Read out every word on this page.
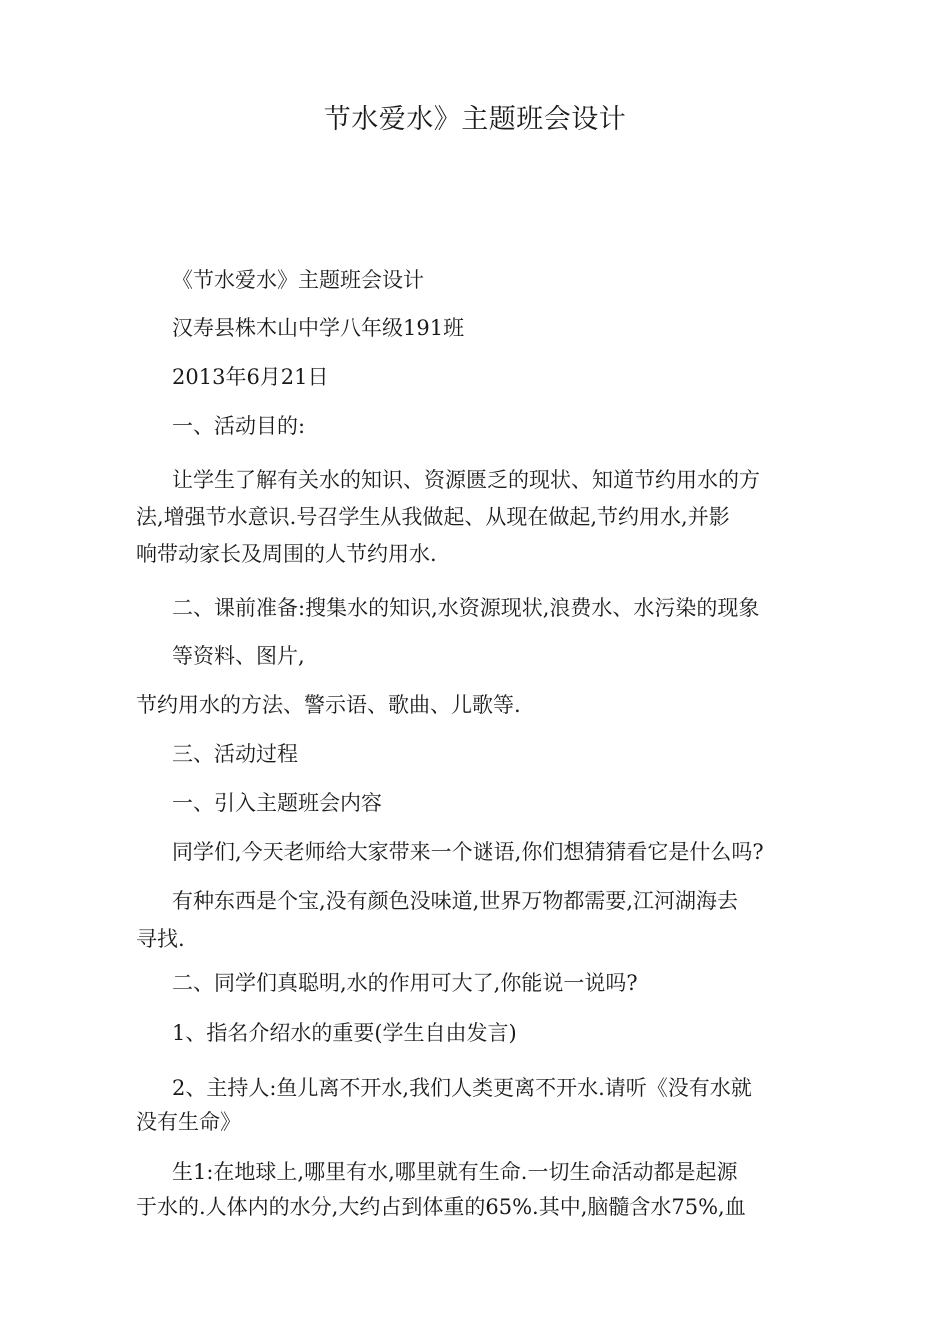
节水爱水》主题班会设计
《节水爱水》主题班会设计
汉寿县株木山中学八年级191班
2013年6月21日
一、活动目的:
让学生了解有关水的知识、资源匮乏的现状、知道节约用水的方
法,增强节水意识.号召学生从我做起、从现在做起,节约用水,并影
响带动家长及周围的人节约用水.
二、课前准备:搜集水的知识,水资源现状,浪费水、水污染的现象
等资料、图片,
节约用水的方法、警示语、歌曲、儿歌等.
三、活动过程
一、引入主题班会内容
同学们,今天老师给大家带来一个谜语,你们想猜猜看它是什么吗?
有种东西是个宝,没有颜色没味道,世界万物都需要,江河湖海去
寻找.
二、同学们真聪明,水的作用可大了,你能说一说吗?
1、指名介绍水的重要(学生自由发言)
2、主持人:鱼儿离不开水,我们人类更离不开水.请听《没有水就
没有生命》
生1:在地球上,哪里有水,哪里就有生命.一切生命活动都是起源
于水的.人体内的水分,大约占到体重的65%.其中,脑髓含水75%,血
